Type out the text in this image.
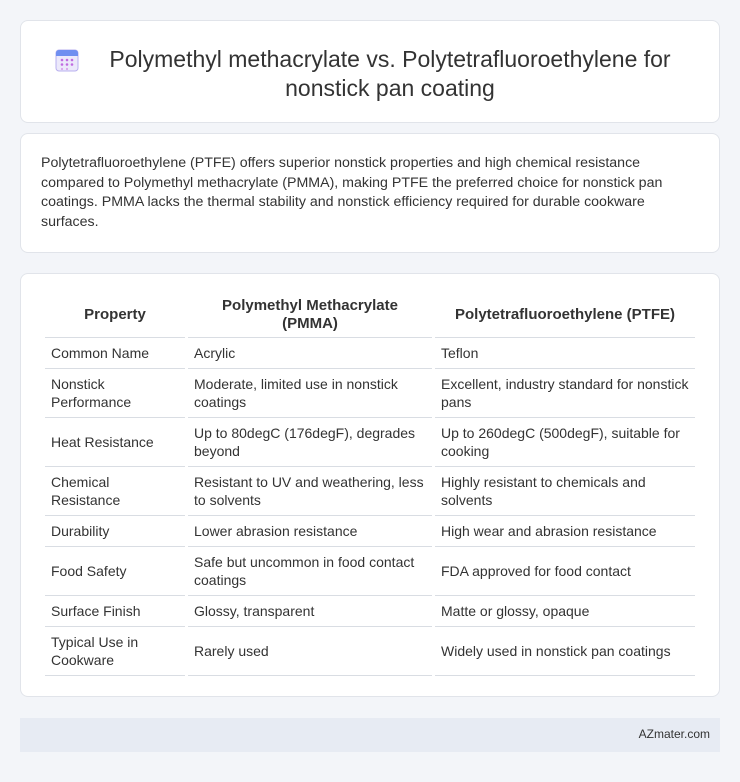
Polymethyl methacrylate vs. Polytetrafluoroethylene for nonstick pan coating

Polytetrafluoroethylene (PTFE) offers superior nonstick properties and high chemical resistance compared to Polymethyl methacrylate (PMMA), making PTFE the preferred choice for nonstick pan coatings. PMMA lacks the thermal stability and nonstick efficiency required for durable cookware surfaces.

Property	Polymethyl Methacrylate (PMMA)	Polytetrafluoroethylene (PTFE)
Common Name	Acrylic	Teflon
Nonstick Performance	Moderate, limited use in nonstick coatings	Excellent, industry standard for nonstick pans
Heat Resistance	Up to 80degC (176degF), degrades beyond	Up to 260degC (500degF), suitable for cooking
Chemical Resistance	Resistant to UV and weathering, less to solvents	Highly resistant to chemicals and solvents
Durability	Lower abrasion resistance	High wear and abrasion resistance
Food Safety	Safe but uncommon in food contact coatings	FDA approved for food contact
Surface Finish	Glossy, transparent	Matte or glossy, opaque
Typical Use in Cookware	Rarely used	Widely used in nonstick pan coatings
AZmater.com
